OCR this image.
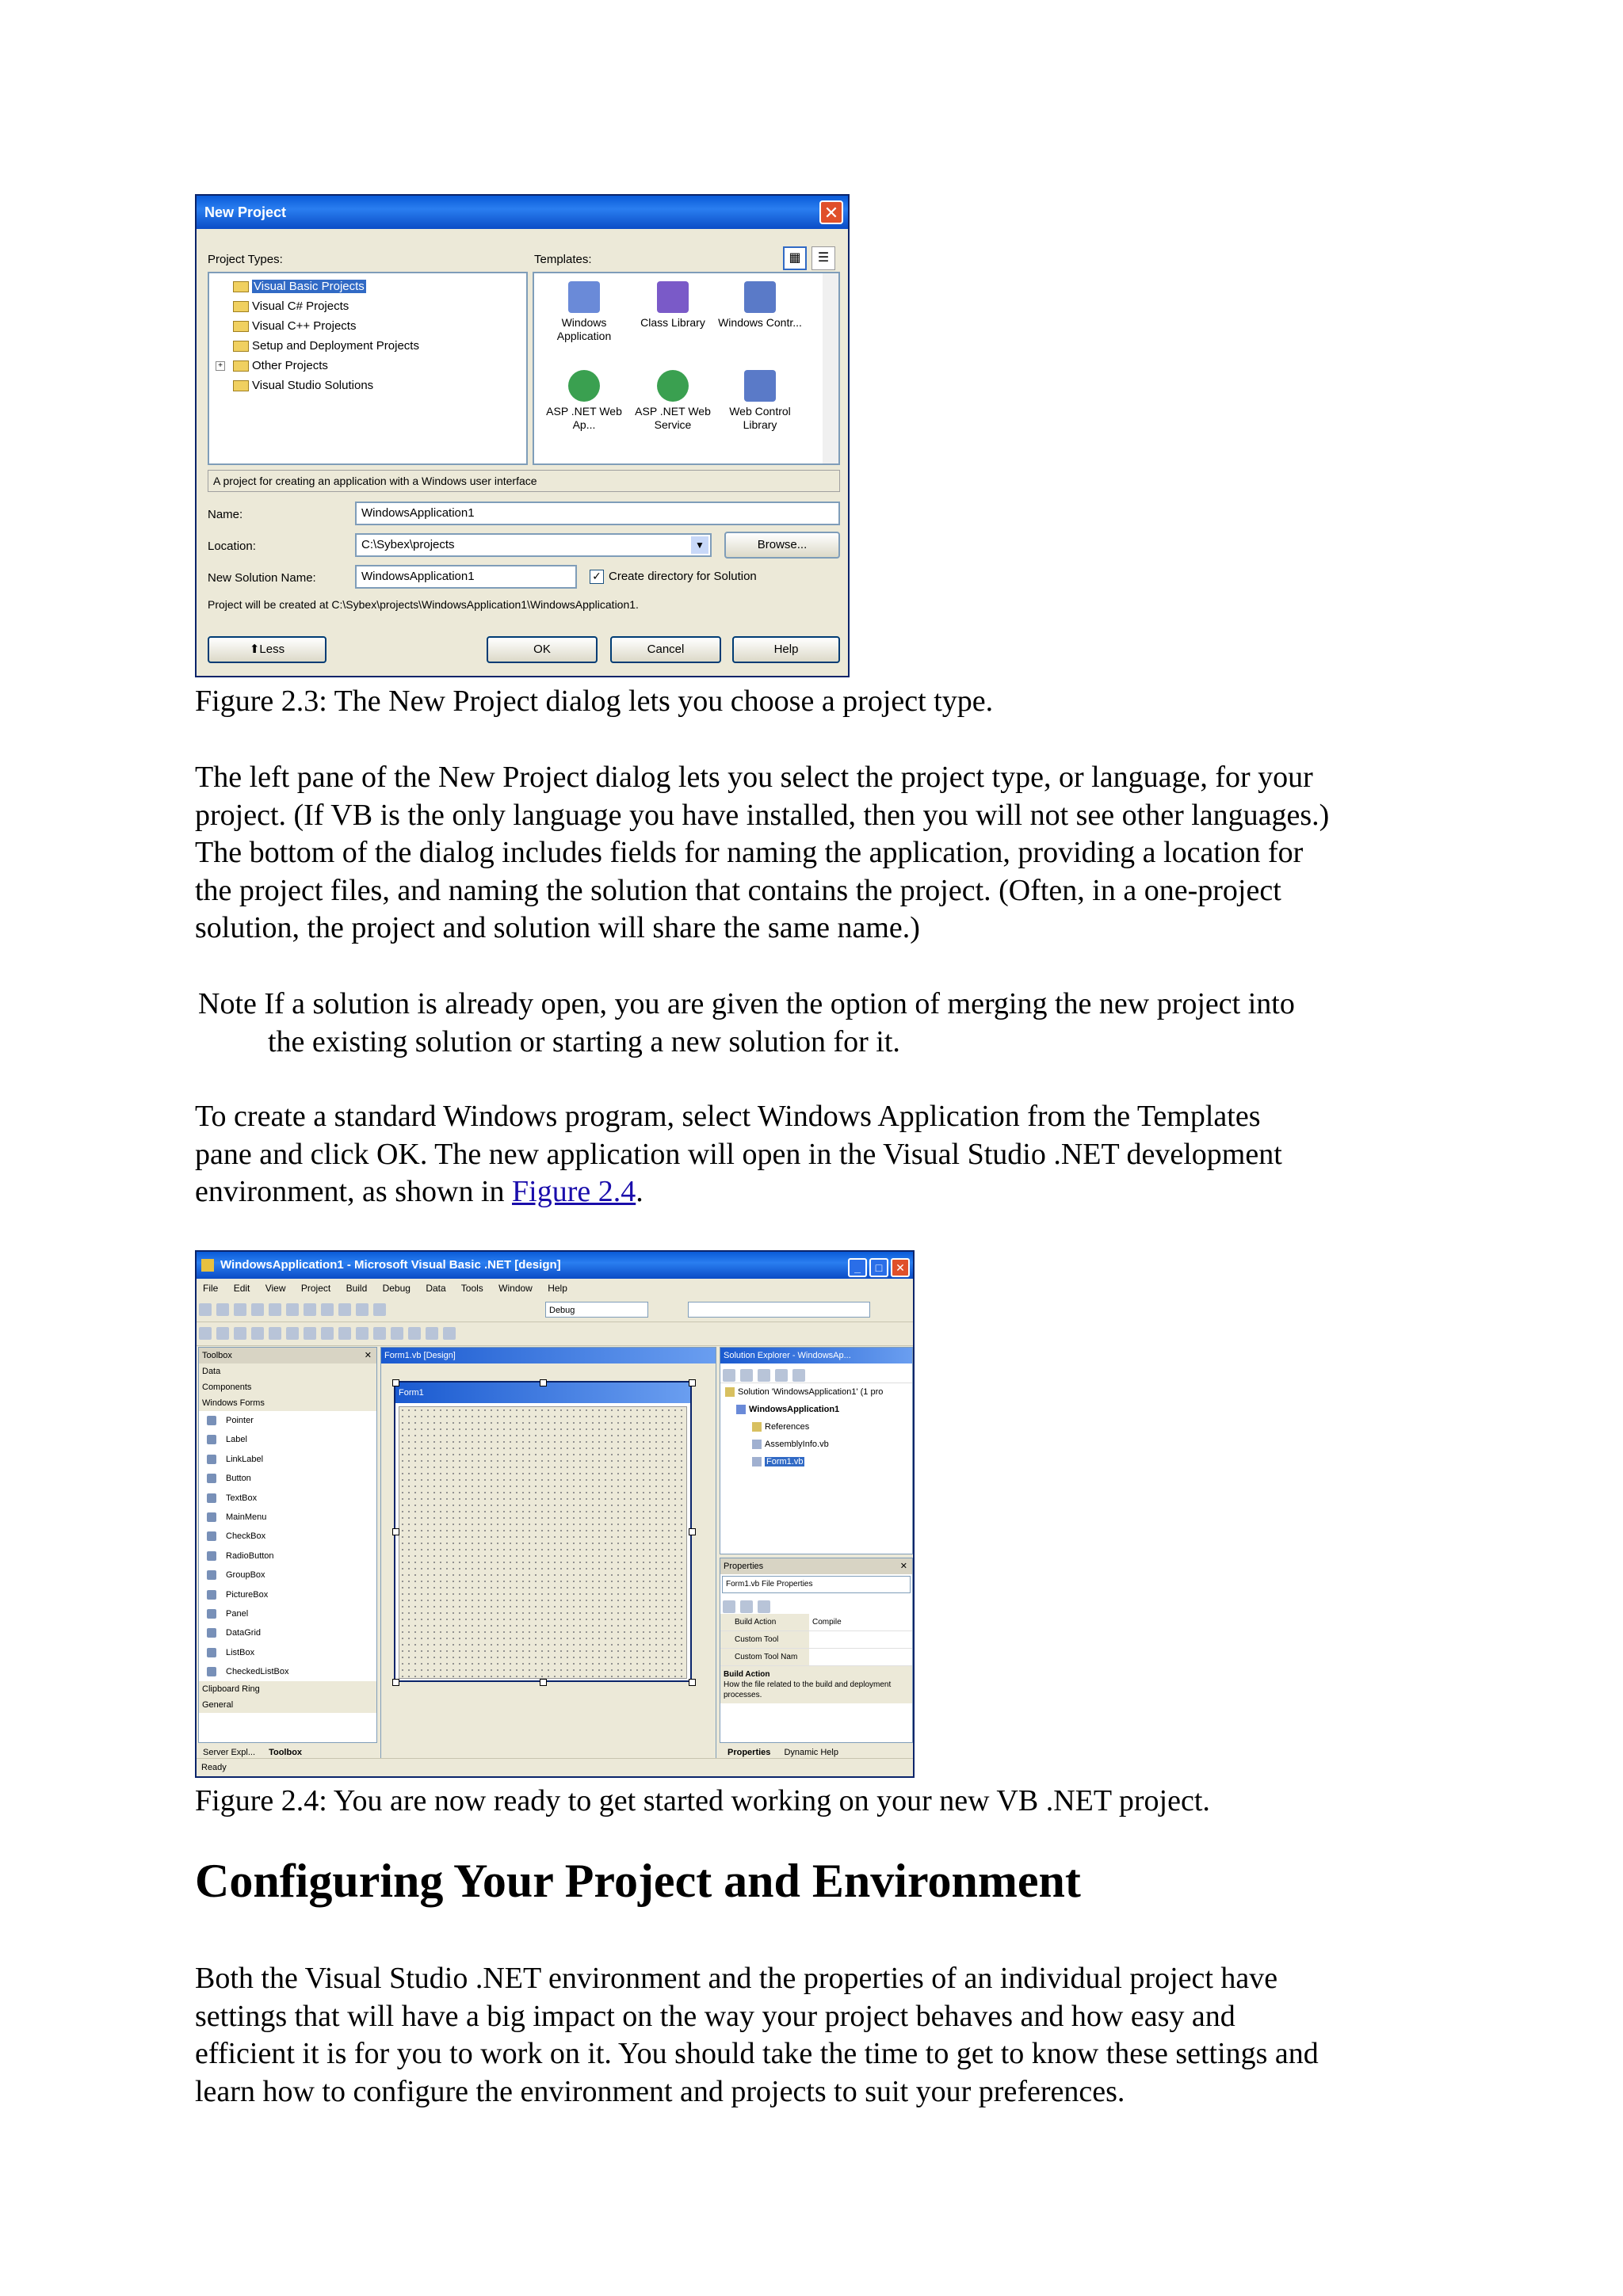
New Project	✕
Project Types:	Templates:	▦	☰
Visual Basic Projects
Visual C# Projects
Visual C++ Projects
Setup and Deployment Projects
+ Other Projects
Visual Studio Solutions
Windows Application
Class Library	Windows Contr...
ASP .NET Web Ap...
ASP .NET Web Service
Web Control Library
A project for creating an application with a Windows user interface
Name:	WindowsApplication1
Location:	C:\Sybex\projects	▼	Browse...
New Solution Name:	WindowsApplication1	✓ Create directory for Solution
Project will be created at C:\Sybex\projects\WindowsApplication1\WindowsApplication1.
⬆Less	OK	Cancel	Help
Figure 2.3: The New Project dialog lets you choose a project type.
The left pane of the New Project dialog lets you select the project type, or language, for your
project. (If VB is the only language you have installed, then you will not see other languages.)
The bottom of the dialog includes fields for naming the application, providing a location for
the project files, and naming the solution that contains the project. (Often, in a one-project
solution, the project and solution will share the same name.)
Note If a solution is already open, you are given the option of merging the new project into
the existing solution or starting a new solution for it.
To create a standard Windows program, select Windows Application from the Templates
pane and click OK. The new application will open in the Visual Studio .NET development
environment, as shown in Figure 2.4.
WindowsApplication1 - Microsoft Visual Basic .NET [design]	_ □ ✕
File Edit View Project Build Debug Data Tools Window Help
Debug
Toolbox	✕
Data
Components
Windows Forms
Pointer
Label
LinkLabel
Button
TextBox
MainMenu
CheckBox
RadioButton
GroupBox
PictureBox
Panel
DataGrid
ListBox
CheckedListBox
Clipboard Ring
General
Server Expl... Toolbox
Form1.vb [Design]
Form1
Solution Explorer - WindowsAp...
Solution 'WindowsApplication1' (1 pro
WindowsApplication1
References
AssemblyInfo.vb
Form1.vb
Properties	✕
Form1.vb File Properties
Build Action	Compile
Custom Tool
Custom Tool Nam
Build Action
How the file related to the build and deployment processes.
Properties Dynamic Help
Ready
Figure 2.4: You are now ready to get started working on your new VB .NET project.
Configuring Your Project and Environment
Both the Visual Studio .NET environment and the properties of an individual project have
settings that will have a big impact on the way your project behaves and how easy and
efficient it is for you to work on it. You should take the time to get to know these settings and
learn how to configure the environment and projects to suit your preferences.
